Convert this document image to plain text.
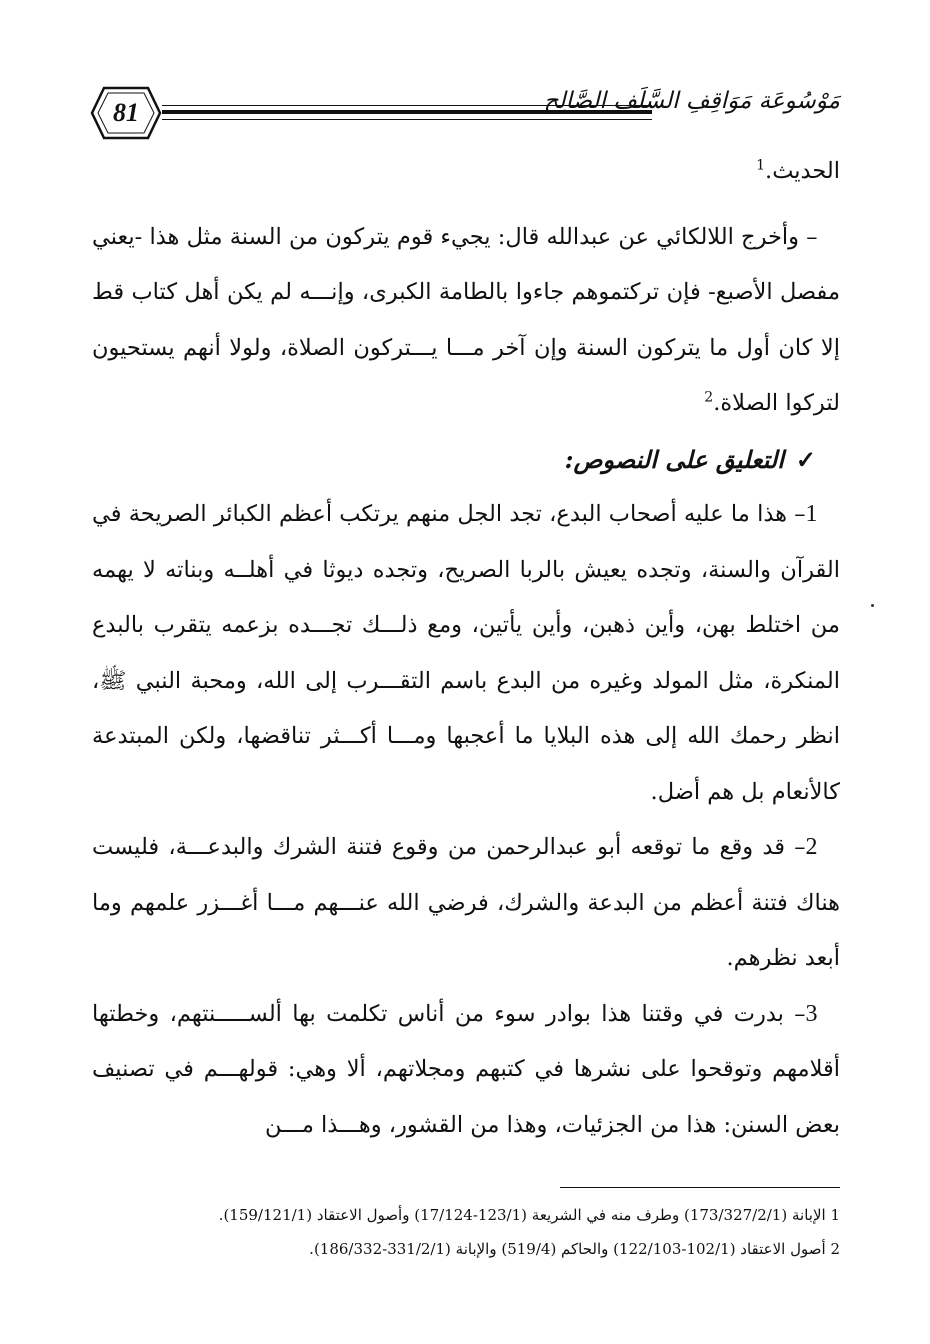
81	مَوْسُوعَة مَوَاقِفِ السَّلَفِ الصَّالِح

الحديث.$^1$

 – وأخرج اللالكائي عن عبدالله قال: يجيء قوم يتركون من السنة مثل هذا -يعني مفصل الأصبع- فإن تركتموهم جاءوا بالطامة الكبرى، وإنـــه لم يكن أهل كتاب قط إلا كان أول ما يتركون السنة وإن آخر مـــا يـــتركون الصلاة، ولولا أنهم يستحيون لتركوا الصلاة.$^2$

 ✓التعليق على النصوص:

 1– هذا ما عليه أصحاب البدع، تجد الجل منهم يرتكب أعظم الكبائر الصريحة في القرآن والسنة، وتجده يعيش بالربا الصريح، وتجده ديوثا في أهلــه وبناته لا يهمه من اختلط بهن، وأين ذهبن، وأين يأتين، ومع ذلـــك تجـــده بزعمه يتقرب بالبدع المنكرة، مثل المولد وغيره من البدع باسم التقـــرب إلى الله، ومحبة النبي ﷺ، انظر رحمك الله إلى هذه البلايا ما أعجبها ومـــا أكـــثر تناقضها، ولكن المبتدعة كالأنعام بل هم أضل.

 2– قد وقع ما توقعه أبو عبدالرحمن من وقوع فتنة الشرك والبدعـــة، فليست هناك فتنة أعظم من البدعة والشرك، فرضي الله عنـــهم مـــا أغـــزر علمهم وما أبعد نظرهم.

 3– بدرت في وقتنا هذا بوادر سوء من أناس تكلمت بها ألســـــنتهم، وخطتها أقلامهم وتوقحوا على نشرها في كتبهم ومجلاتهم، ألا وهي: قولهـــم في تصنيف بعض السنن: هذا من الجزئيات، وهذا من القشور، وهـــذا مـــن

1 الإبانة (173/327/2/1) وطرف منه في الشريعة (123/1-17/124) وأصول الاعتقاد (159/121/1).
2 أصول الاعتقاد (102/1-122/103) والحاكم (519/4) والإبانة (331/2/1-186/332).
